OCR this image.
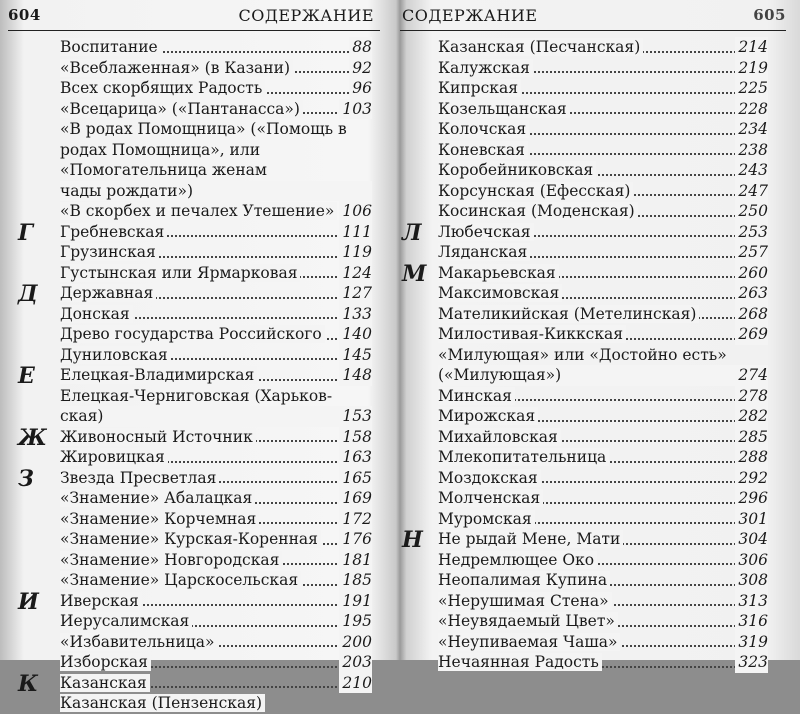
604	СОДЕРЖАНИЕ СОДЕРЖАНИЕ	605
Воспитание	88
«Всеблаженная» (в Казани)	92
Всех скорбящих Радость	96
«Всецарица» («Пантанасса»)	103
«В родах Помощница» («Помощь в
родах Помощница», или «Помогательница женам
чады рождати»)
«В скорбех и печалех Утешение» 106
Гребневская	111
Грузинская	119
Густынская или Ярмарковая	124
Державная	127
Донская	133
Древо государства Российского 140
Дуниловская	145
Елецкая-Владимирская	148
Елецкая-Черниговская (Харьков-
ская)	153
Живоносный Источник	158
Жировицкая	163
Звезда Пресветлая	165
«Знамение» Абалацкая	169
«Знамение» Корчемная	172
«Знамение» Курская-Коренная 176
«Знамение» Новгородская	181
«Знамение» Царскосельская	185
Иверская	191
Иерусалимская	195
«Избавительница»	200
Изборская	203
Казанская	210
Казанская (Пензенская)
Казанская (Песчанская)	214
Калужская	219
Кипрская	225
Козельщанская	228
Колочская	234
Коневская	238
Коробейниковская	243
Корсунская (Ефесская)	247
Косинская (Моденская)	250
Любечская	253
Ляданская	257
Макарьевская	260
Максимовская	263
Мателикийская (Метелинская)	268
Милостивая-Киккская	269
«Милующая» или «Достойно есть»
(«Милующая»)	274
Минская	278
Мирожская	282
Михайловская	285
Млекопитательница	288
Моздокская	292
Молченская	296
Муромская	301
Не рыдай Мене, Мати	304
Недремлющее Око	306
Неопалимая Купина	308
«Нерушимая Стена»	313
«Неувядаемый Цвет»	316
«Неупиваемая Чаша»	319
Нечаянная Радость	323
Г
Д
Е
Ж
З
И
К
Л
М
Н
